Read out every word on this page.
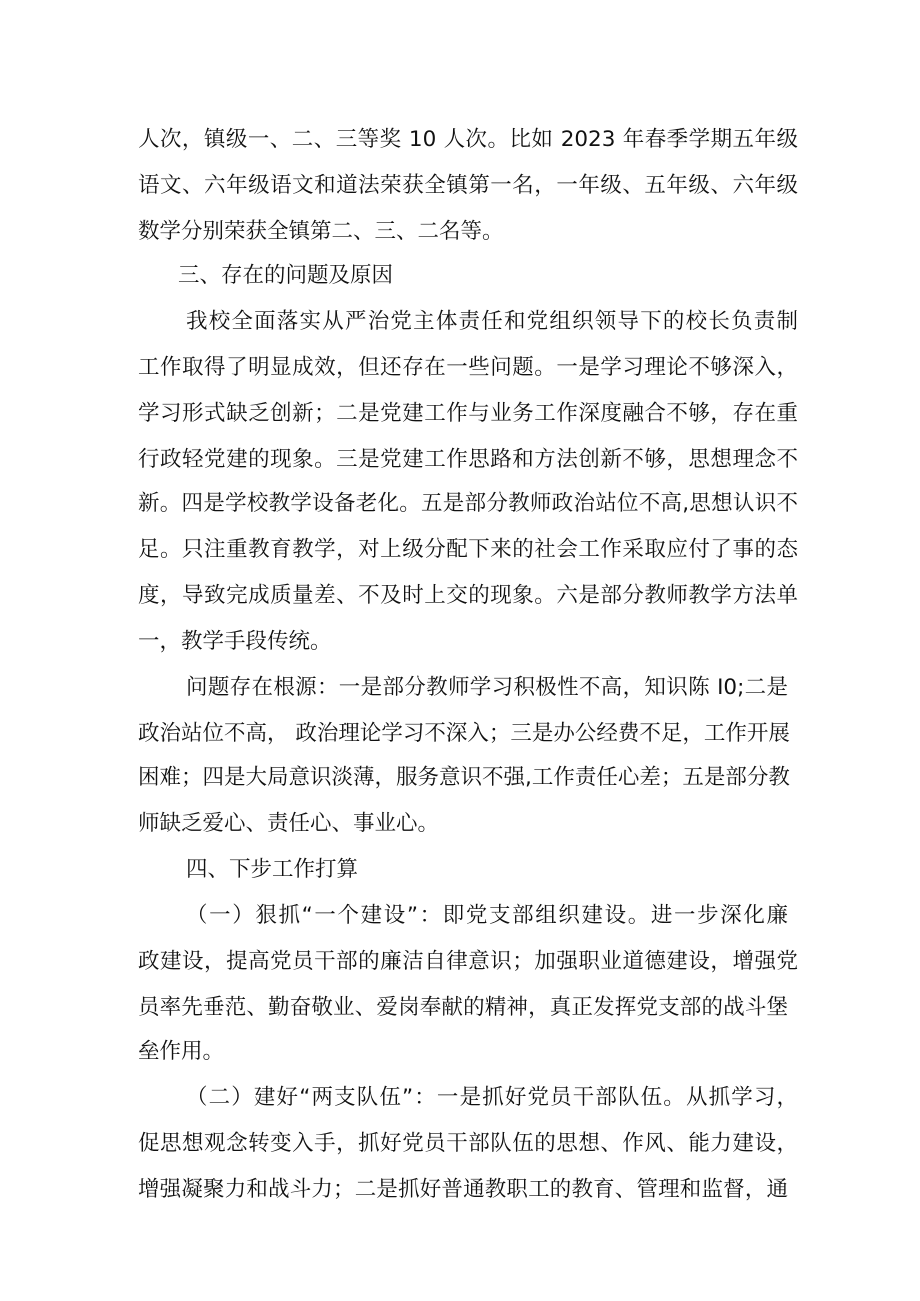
人次，镇级一、二、三等奖 10 人次。比如 2023 年春季学期五年级
语文、六年级语文和道法荣获全镇第一名，一年级、五年级、六年级
数学分别荣获全镇第二、三、二名等。
三、存在的问题及原因
我校全面落实从严治党主体责任和党组织领导下的校长负责制
工作取得了明显成效，但还存在一些问题。一是学习理论不够深入，
学习形式缺乏创新；二是党建工作与业务工作深度融合不够，存在重
行政轻党建的现象。三是党建工作思路和方法创新不够，思想理念不
新。四是学校教学设备老化。五是部分教师政治站位不高,思想认识不
足。只注重教育教学，对上级分配下来的社会工作采取应付了事的态
度，导致完成质量差、不及时上交的现象。六是部分教师教学方法单
一，教学手段传统。
问题存在根源：一是部分教师学习积极性不高，知识陈 I0;二是
政治站位不高， 政治理论学习不深入；三是办公经费不足，工作开展
困难；四是大局意识淡薄，服务意识不强,工作责任心差；五是部分教
师缺乏爱心、责任心、事业心。
四、下步工作打算
（一）狠抓“一个建设”：即党支部组织建设。进一步深化廉
政建设，提高党员干部的廉洁自律意识；加强职业道德建设，增强党
员率先垂范、勤奋敬业、爱岗奉献的精神，真正发挥党支部的战斗堡
垒作用。
（二）建好“两支队伍”：一是抓好党员干部队伍。从抓学习，
促思想观念转变入手，抓好党员干部队伍的思想、作风、能力建设，
增强凝聚力和战斗力；二是抓好普通教职工的教育、管理和监督，通
